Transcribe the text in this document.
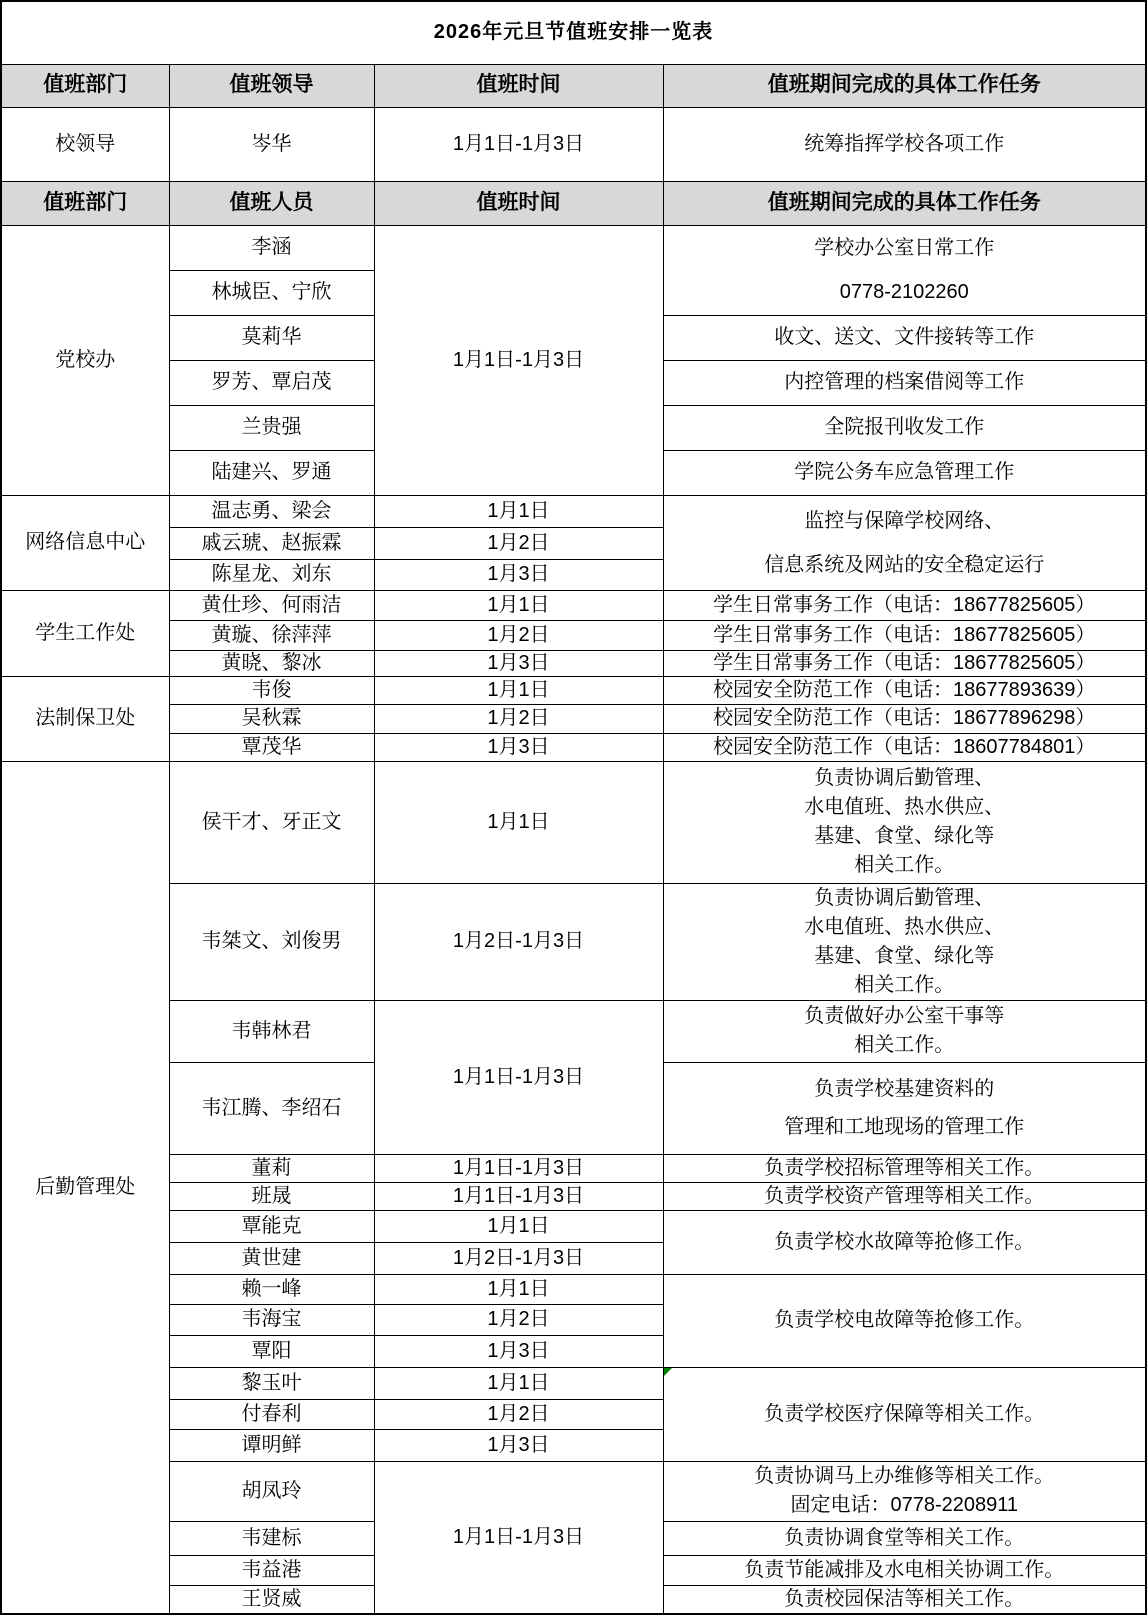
2026年元旦节值班安排一览表			
值班部门	值班领导	值班时间	值班期间完成的具体工作任务
校领导	岑华	1月1日-1月3日	统筹指挥学校各项工作
值班部门	值班人员	值班时间	值班期间完成的具体工作任务
党校办	李涵	1月1日-1月3日	学校办公室日常工作
0778-2102260

	林城臣、宁欣		
	莫莉华		收文、送文、文件接转等工作
	罗芳、覃启茂		内控管理的档案借阅等工作
	兰贵强		全院报刊收发工作
	陆建兴、罗通		学院公务车应急管理工作
网络信息中心	温志勇、梁会	1月1日	监控与保障学校网络、
信息系统及网站的安全稳定运行

	戚云琥、赵振霖	1月2日	
	陈星龙、刘东	1月3日	
学生工作处	黄仕珍、何雨洁	1月1日	学生日常事务工作（电话：18677825605）
	黄璇、徐萍萍	1月2日	学生日常事务工作（电话：18677825605）
	黄晓、黎冰	1月3日	学生日常事务工作（电话：18677825605）
法制保卫处	韦俊	1月1日	校园安全防范工作（电话：18677893639）
	吴秋霖	1月2日	校园安全防范工作（电话：18677896298）
	覃茂华	1月3日	校园安全防范工作（电话：18607784801）
后勤管理处	侯干才、牙正文	1月1日	负责协调后勤管理、
水电值班、热水供应、
基建、食堂、绿化等
相关工作。

	韦桀文、刘俊男	1月2日-1月3日	负责协调后勤管理、
水电值班、热水供应、
基建、食堂、绿化等
相关工作。

	韦韩林君	1月1日-1月3日	负责做好办公室干事等
相关工作。

	韦江腾、李绍石		负责学校基建资料的
管理和工地现场的管理工作

	董莉	1月1日-1月3日	负责学校招标管理等相关工作。
	班晟	1月1日-1月3日	负责学校资产管理等相关工作。
	覃能克	1月1日	负责学校水故障等抢修工作。
	黄世建	1月2日-1月3日	
	赖一峰	1月1日	负责学校电故障等抢修工作。
	韦海宝	1月2日	
	覃阳	1月3日	
	黎玉叶	1月1日	负责学校医疗保障等相关工作。
	付春利	1月2日	
	谭明鲜	1月3日	
	胡凤玲	1月1日-1月3日	负责协调马上办维修等相关工作。
固定电话：0778-2208911

	韦建标		负责协调食堂等相关工作。
	韦益港		负责节能减排及水电相关协调工作。
	王贤威		负责校园保洁等相关工作。
